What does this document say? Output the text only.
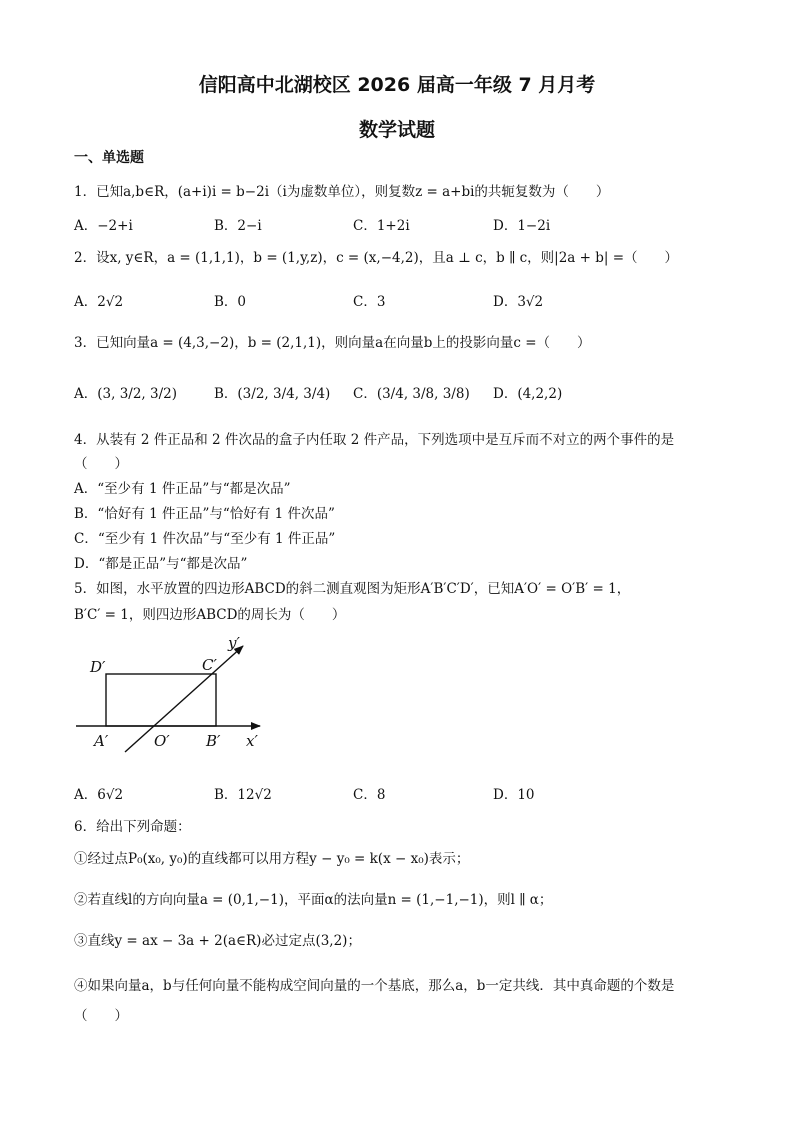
信阳高中北湖校区 2026 届高一年级 7 月月考
数学试题
一、单选题
1．已知a,b∈R，(a+i)i = b−2i（i为虚数单位），则复数z = a+bi的共轭复数为（　　）
A．−2+i	B．2−i	C．1+2i	D．1−2i
2．设x, y∈R，a = (1,1,1)，b = (1,y,z)，c = (x,−4,2)，且a ⊥ c，b ∥ c，则|2a + b| =（　　）
A．2√2	B．0	C．3	D．3√2
3．已知向量a = (4,3,−2)，b = (2,1,1)，则向量a在向量b上的投影向量c =（　　）
A．(3, 3/2, 3/2)	B．(3/2, 3/4, 3/4) C．(3/4, 3/8, 3/8) D．(4,2,2)
4．从装有 2 件正品和 2 件次品的盒子内任取 2 件产品，下列选项中是互斥而不对立的两个事件的是
（　　）
A．“至少有 1 件正品”与“都是次品”
B．“恰好有 1 件正品”与“恰好有 1 件次品”
C．“至少有 1 件次品”与“至少有 1 件正品”
D．“都是正品”与“都是次品”
5．如图，水平放置的四边形ABCD的斜二测直观图为矩形A′B′C′D′，已知A′O′ = O′B′ = 1，
B′C′ = 1，则四边形ABCD的周长为（　　）
D′	C′
A′	O′ B′ x′
y′
A．6√2	B．12√2	C．8	D．10
6．给出下列命题：
①经过点P₀(x₀, y₀)的直线都可以用方程y − y₀ = k(x − x₀)表示；
②若直线l的方向向量a = (0,1,−1)，平面α的法向量n = (1,−1,−1)，则l ∥ α；
③直线y = ax − 3a + 2(a∈R)必过定点(3,2)；
④如果向量a，b与任何向量不能构成空间向量的一个基底，那么a，b一定共线．其中真命题的个数是
（　　）
